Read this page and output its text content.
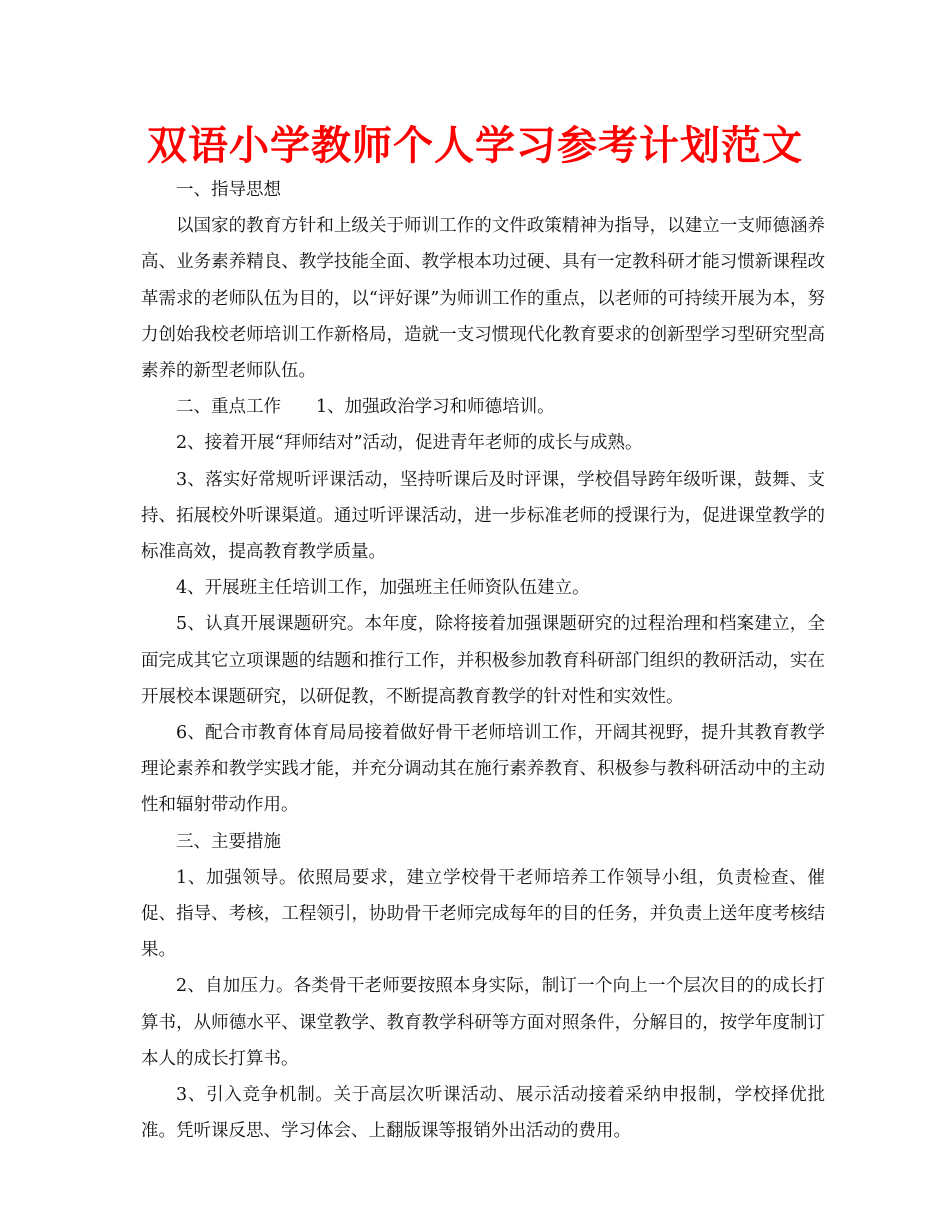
双语小学教师个人学习参考计划范文

一、指导思想

以国家的教育方针和上级关于师训工作的文件政策精神为指导，以建立一支师德涵养高、业务素养精良、教学技能全面、教学根本功过硬、具有一定教科研才能习惯新课程改革需求的老师队伍为目的，以“评好课”为师训工作的重点，以老师的可持续开展为本，努力创始我校老师培训工作新格局，造就一支习惯现代化教育要求的创新型学习型研究型高素养的新型老师队伍。

二、重点工作　　1、加强政治学习和师德培训。

2、接着开展“拜师结对”活动，促进青年老师的成长与成熟。

3、落实好常规听评课活动，坚持听课后及时评课，学校倡导跨年级听课，鼓舞、支持、拓展校外听课渠道。通过听评课活动，进一步标准老师的授课行为，促进课堂教学的标准高效，提高教育教学质量。

4、开展班主任培训工作，加强班主任师资队伍建立。

5、认真开展课题研究。本年度，除将接着加强课题研究的过程治理和档案建立，全面完成其它立项课题的结题和推行工作，并积极参加教育科研部门组织的教研活动，实在开展校本课题研究，以研促教，不断提高教育教学的针对性和实效性。

6、配合市教育体育局局接着做好骨干老师培训工作，开阔其视野，提升其教育教学理论素养和教学实践才能，并充分调动其在施行素养教育、积极参与教科研活动中的主动性和辐射带动作用。

三、主要措施

1、加强领导。依照局要求，建立学校骨干老师培养工作领导小组，负责检查、催促、指导、考核，工程领引，协助骨干老师完成每年的目的任务，并负责上送年度考核结果。

2、自加压力。各类骨干老师要按照本身实际，制订一个向上一个层次目的的成长打算书，从师德水平、课堂教学、教育教学科研等方面对照条件，分解目的，按学年度制订本人的成长打算书。

3、引入竞争机制。关于高层次听课活动、展示活动接着采纳申报制，学校择优批准。凭听课反思、学习体会、上翻版课等报销外出活动的费用。
